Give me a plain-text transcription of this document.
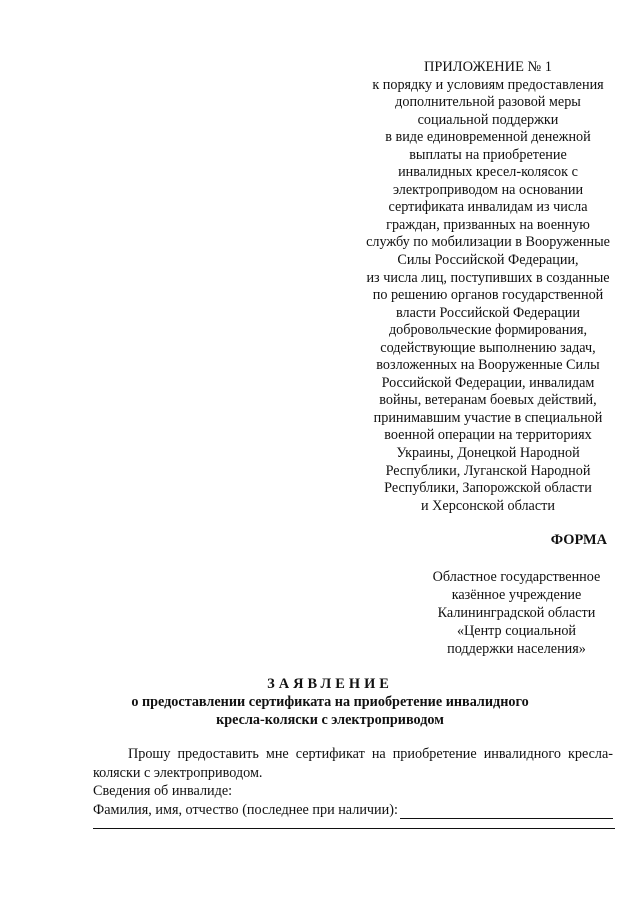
ПРИЛОЖЕНИЕ № 1
к порядку и условиям предоставления
дополнительной разовой меры
социальной поддержки
в виде единовременной денежной
выплаты на приобретение
инвалидных кресел-колясок с
электроприводом на основании
сертификата инвалидам из числа
граждан, призванных на военную
службу по мобилизации в Вооруженные
Силы Российской Федерации,
из числа лиц, поступивших в созданные
по решению органов государственной
власти Российской Федерации
добровольческие формирования,
содействующие выполнению задач,
возложенных на Вооруженные Силы
Российской Федерации, инвалидам
войны, ветеранам боевых действий,
принимавшим участие в специальной
военной операции на территориях
Украины, Донецкой Народной
Республики, Луганской Народной
Республики, Запорожской области
и Херсонской области
ФОРМА
Областное государственное
казённое учреждение
Калининградской области
«Центр социальной
поддержки населения»
ЗАЯВЛЕНИЕ
о предоставлении сертификата на приобретение инвалидного
кресла-коляски с электроприводом

Прошу предоставить мне сертификат на приобретение инвалидного кресла-коляски с электроприводом.

Сведения об инвалиде:

Фамилия, имя, отчество (последнее при наличии):
